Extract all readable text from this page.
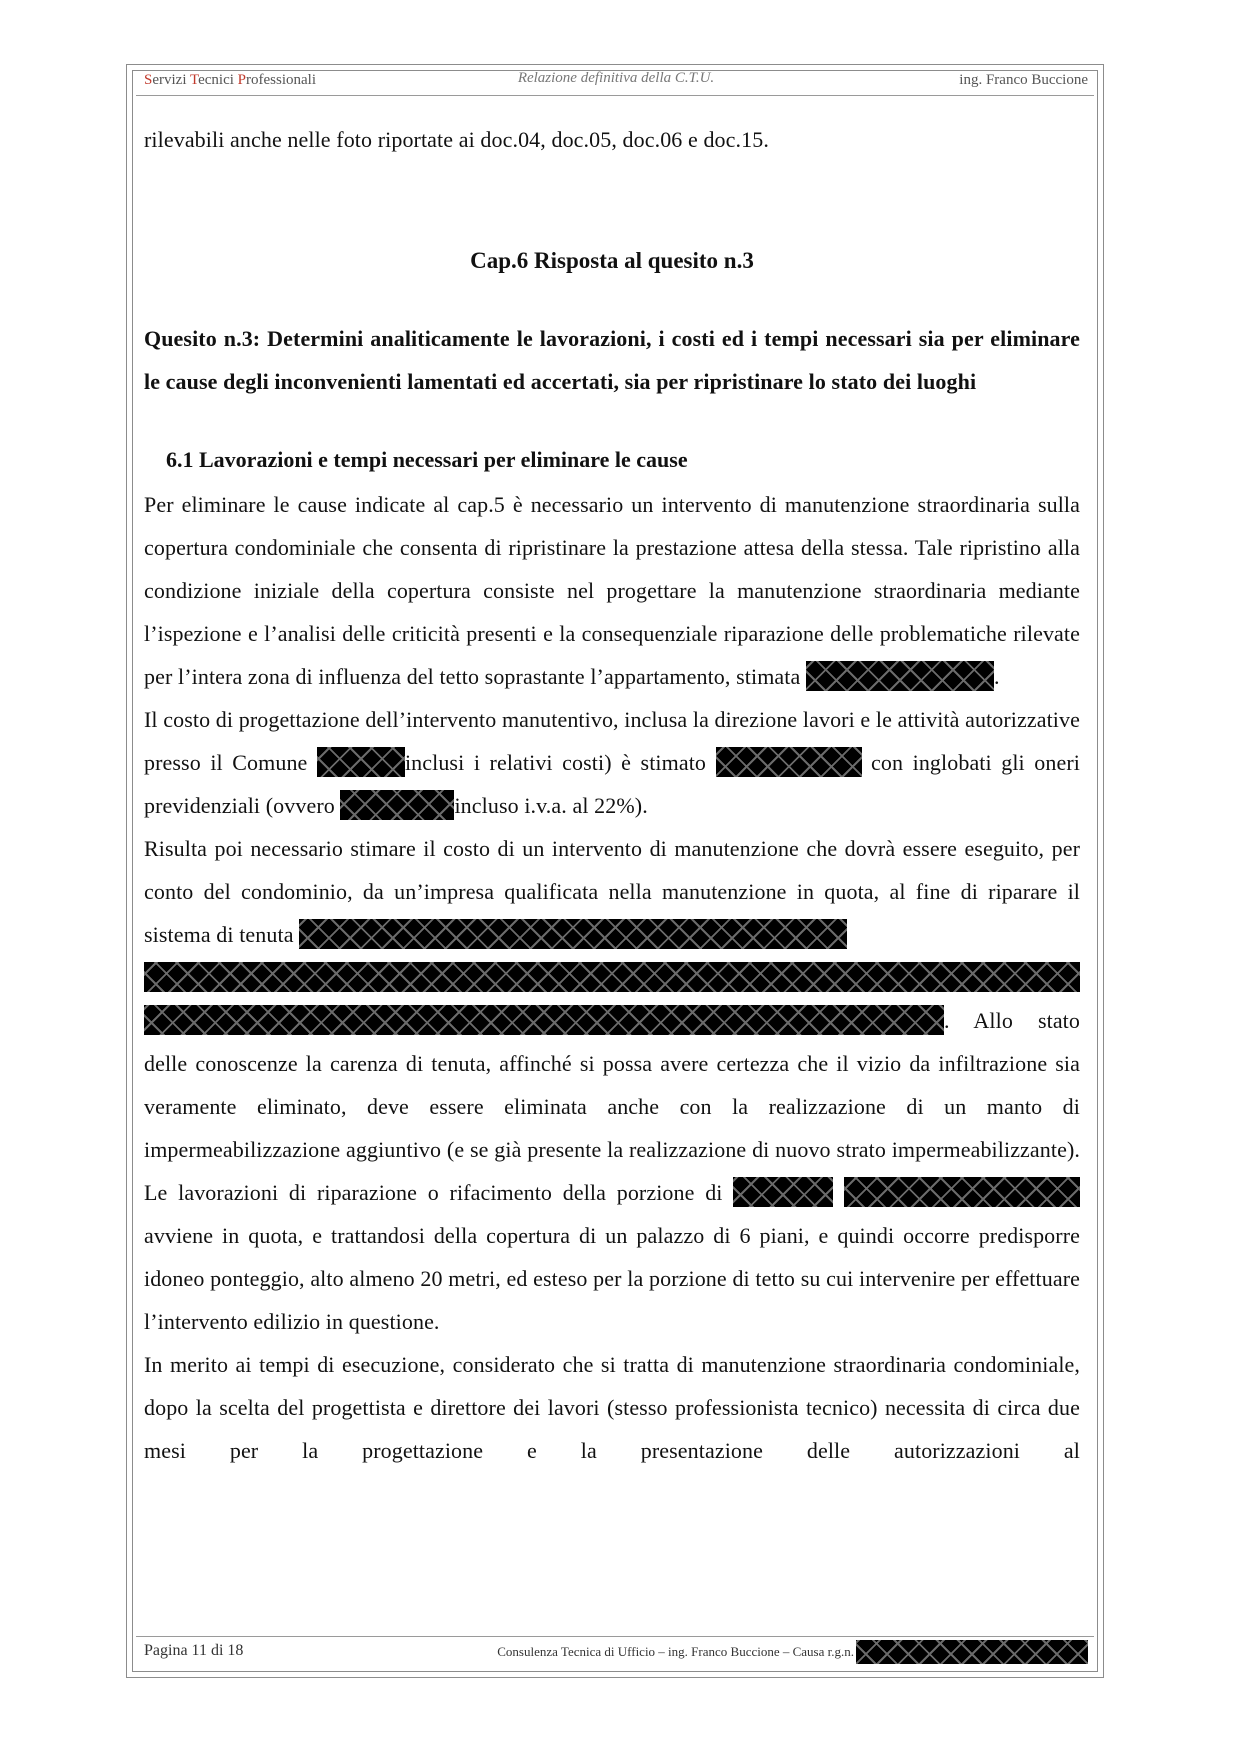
Servizi Tecnici Professionali	Relazione definitiva della C.T.U.	ing. Franco Buccione

rilevabili anche nelle foto riportate ai doc.04, doc.05, doc.06 e doc.15.

Cap.6 Risposta al quesito n.3

Quesito n.3: Determini analiticamente le lavorazioni, i costi ed i tempi necessari sia per eliminare le cause degli inconvenienti lamentati ed accertati, sia per ripristinare lo stato dei luoghi

6.1 Lavorazioni e tempi necessari per eliminare le cause

Per eliminare le cause indicate al cap.5 è necessario un intervento di manutenzione straordinaria sulla copertura condominiale che consenta di ripristinare la prestazione attesa della stessa. Tale ripristino alla condizione iniziale della copertura consiste nel progettare la manutenzione straordinaria mediante l’ispezione e l’analisi delle criticità presenti e la consequenziale riparazione delle problematiche rilevate per l’intera zona di influenza del tetto soprastante l’appartamento, stimata	.

Il costo di progettazione dell’intervento manutentivo, inclusa la direzione lavori e le attività autorizzative presso il Comune	inclusi i relativi costi) è stimato	con inglobati gli oneri previdenziali (ovvero	incluso i.v.a. al 22%).

Risulta poi necessario stimare il costo di un intervento di manutenzione che dovrà essere eseguito, per conto del condominio, da un’impresa qualificata nella manutenzione in quota, al fine di riparare il sistema di tenuta
. Allo stato delle conoscenze la carenza di tenuta, affinché si possa avere certezza che il vizio da infiltrazione sia veramente eliminato, deve essere eliminata anche con la realizzazione di un manto di impermeabilizzazione aggiuntivo (e se già presente la realizzazione di nuovo strato impermeabilizzante). Le lavorazioni di riparazione o rifacimento della porzione di   avviene in quota, e trattandosi della copertura di un palazzo di 6 piani, e quindi occorre predisporre idoneo ponteggio, alto almeno 20 metri, ed esteso per la porzione di tetto su cui intervenire per effettuare l’intervento edilizio in questione.

In merito ai tempi di esecuzione, considerato che si tratta di manutenzione straordinaria condominiale, dopo la scelta del progettista e direttore dei lavori (stesso professionista tecnico) necessita di circa due mesi per la progettazione e la presentazione delle autorizzazioni al

Pagina 11 di 18	Consulenza Tecnica di Ufficio – ing. Franco Buccione – Causa r.g.n.
